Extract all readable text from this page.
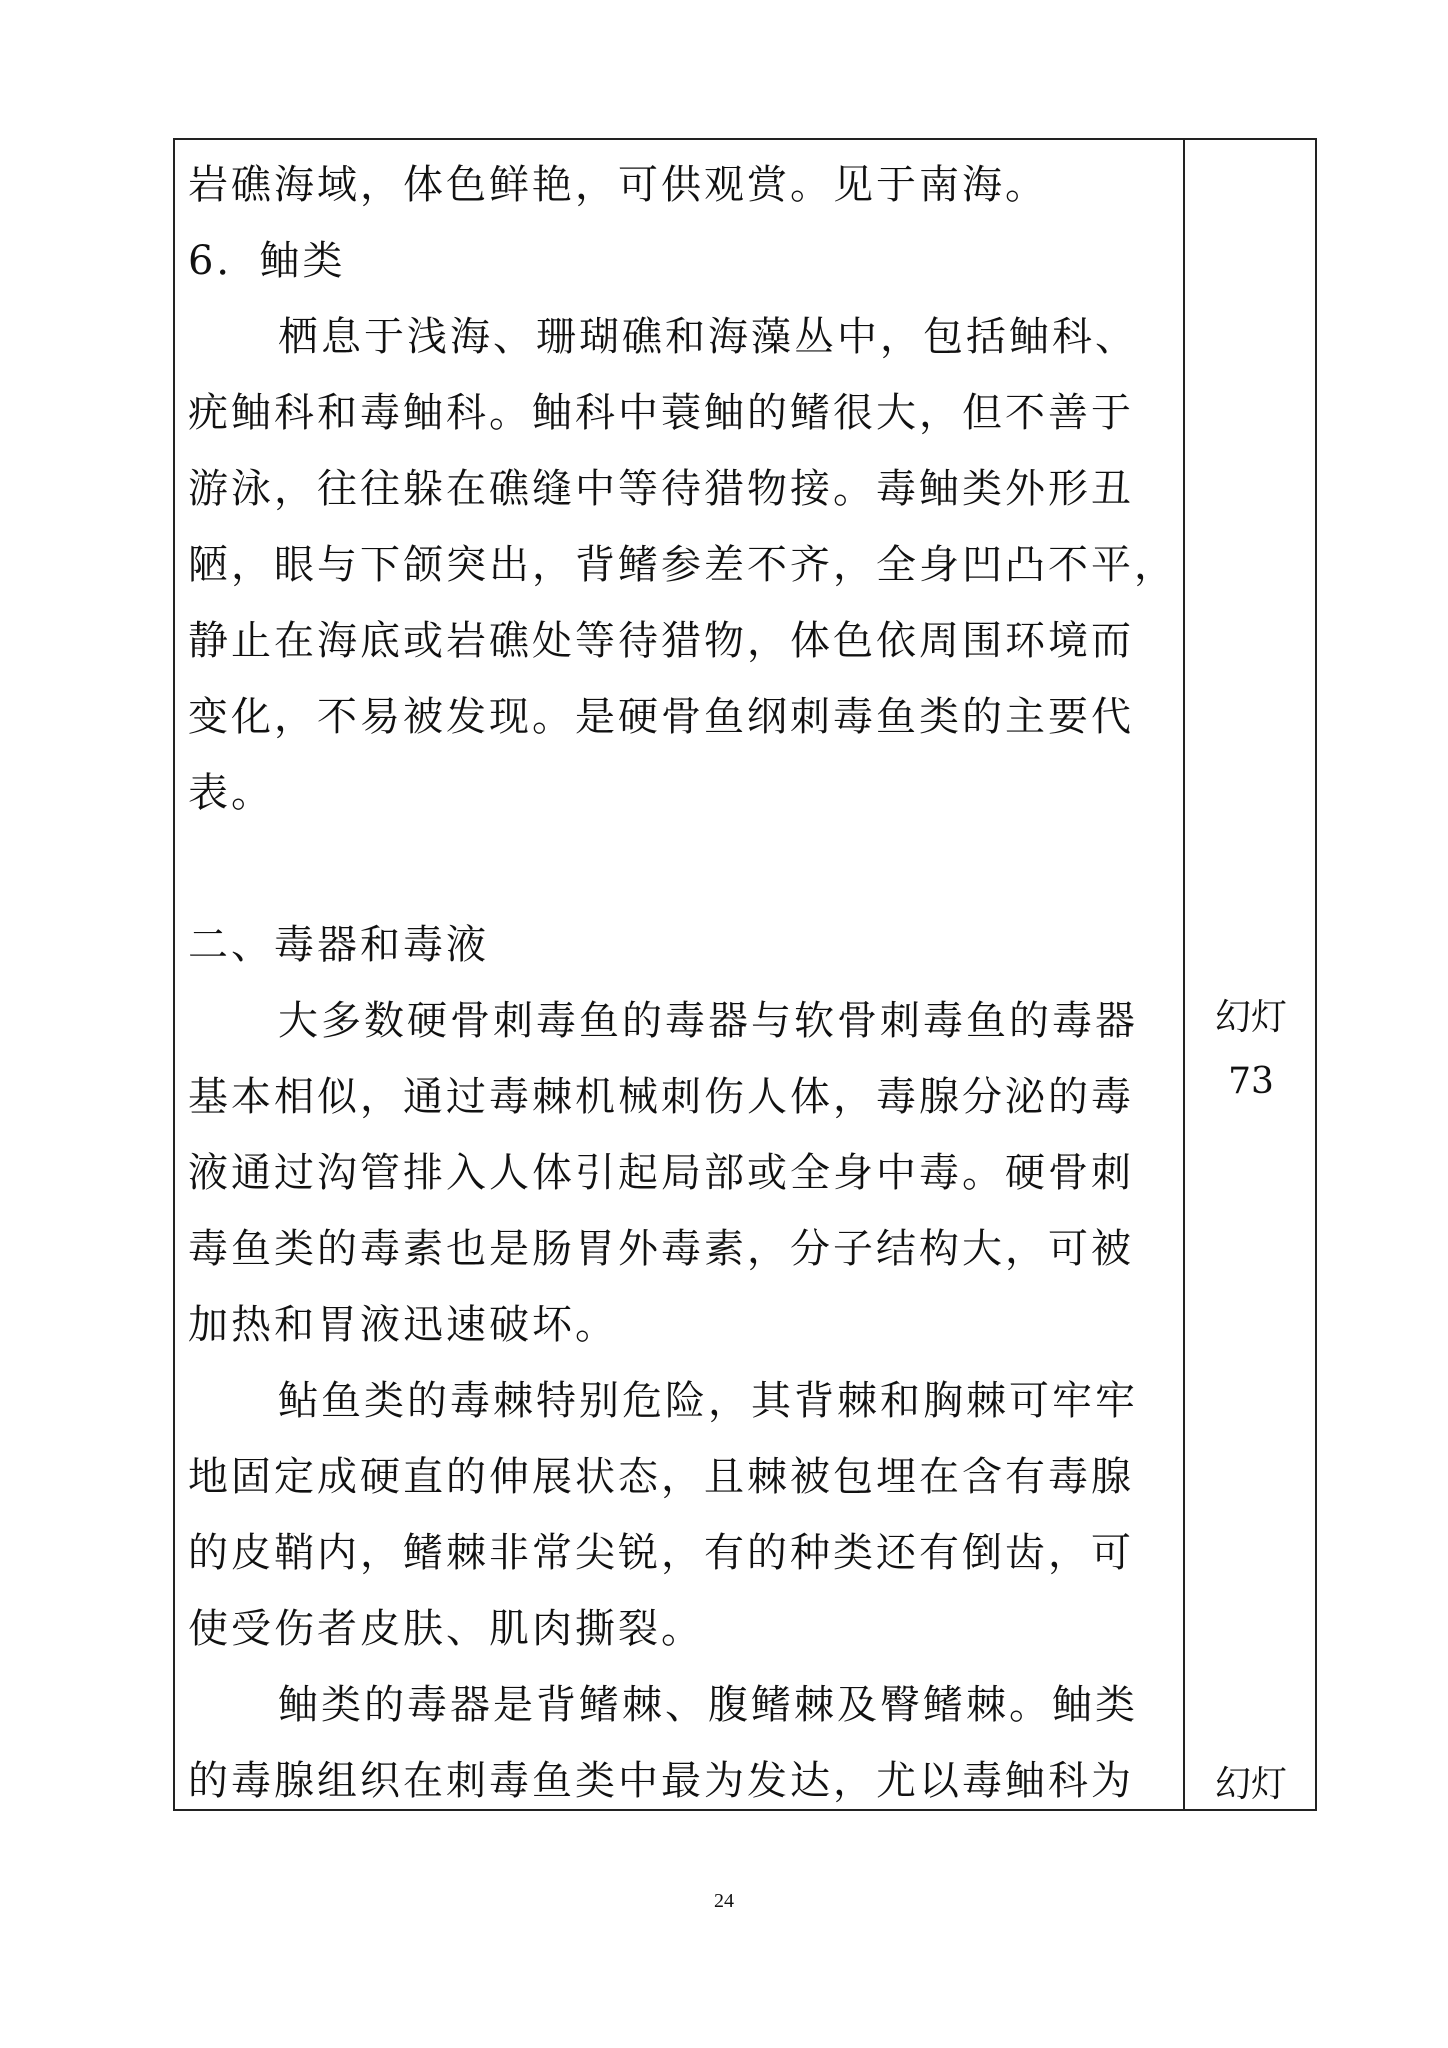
岩礁海域，体色鲜艳，可供观赏。见于南海。
6．鲉类
栖息于浅海、珊瑚礁和海藻丛中，包括鲉科、
疣鲉科和毒鲉科。鲉科中蓑鲉的鳍很大，但不善于
游泳，往往躲在礁缝中等待猎物接。毒鲉类外形丑
陋，眼与下颌突出，背鳍参差不齐，全身凹凸不平，
静止在海底或岩礁处等待猎物，体色依周围环境而
变化，不易被发现。是硬骨鱼纲刺毒鱼类的主要代
表。
二、毒器和毒液
大多数硬骨刺毒鱼的毒器与软骨刺毒鱼的毒器
基本相似，通过毒棘机械刺伤人体，毒腺分泌的毒
液通过沟管排入人体引起局部或全身中毒。硬骨刺
毒鱼类的毒素也是肠胃外毒素，分子结构大，可被
加热和胃液迅速破坏。
鲇鱼类的毒棘特别危险，其背棘和胸棘可牢牢
地固定成硬直的伸展状态，且棘被包埋在含有毒腺
的皮鞘内，鳍棘非常尖锐，有的种类还有倒齿，可
使受伤者皮肤、肌肉撕裂。
鲉类的毒器是背鳍棘、腹鳍棘及臀鳍棘。鲉类
的毒腺组织在刺毒鱼类中最为发达，尤以毒鲉科为
幻灯
73
幻灯
24
